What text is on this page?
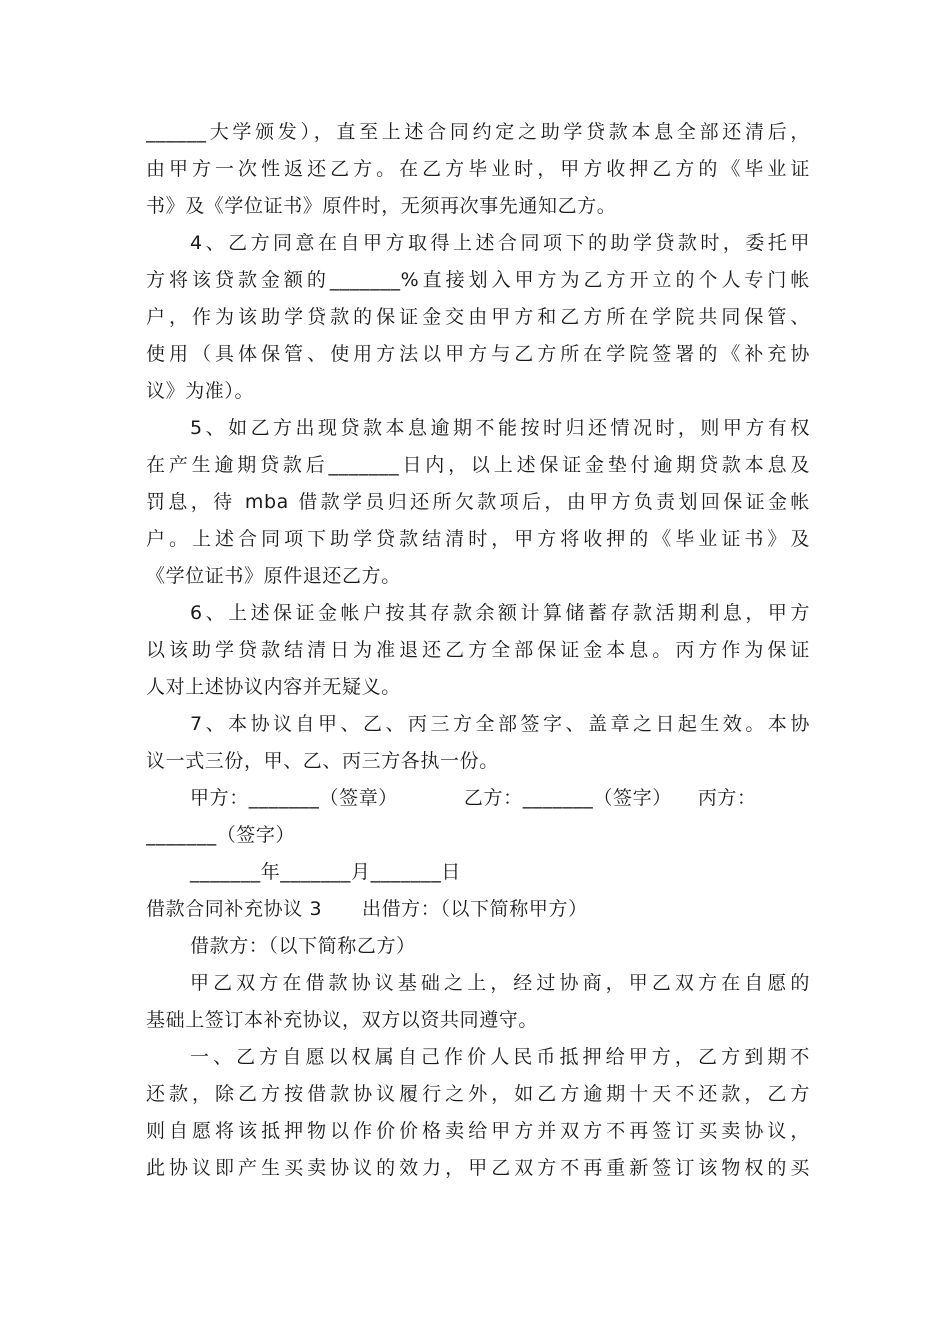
______大学颁发），直至上述合同约定之助学贷款本息全部还清后，
由甲方一次性返还乙方。在乙方毕业时，甲方收押乙方的《毕业证
书》及《学位证书》原件时，无须再次事先通知乙方。
4、乙方同意在自甲方取得上述合同项下的助学贷款时，委托甲
方将该贷款金额的_______%直接划入甲方为乙方开立的个人专门帐
户，作为该助学贷款的保证金交由甲方和乙方所在学院共同保管、
使用（具体保管、使用方法以甲方与乙方所在学院签署的《补充协
议》为准）。
5、如乙方出现贷款本息逾期不能按时归还情况时，则甲方有权
在产生逾期贷款后_______日内，以上述保证金垫付逾期贷款本息及
罚息，待 mba 借款学员归还所欠款项后，由甲方负责划回保证金帐
户。上述合同项下助学贷款结清时，甲方将收押的《毕业证书》及
《学位证书》原件退还乙方。
6、上述保证金帐户按其存款余额计算储蓄存款活期利息，甲方
以该助学贷款结清日为准退还乙方全部保证金本息。丙方作为保证
人对上述协议内容并无疑义。
7、本协议自甲、乙、丙三方全部签字、盖章之日起生效。本协
议一式三份，甲、乙、丙三方各执一份。
甲方：_______（签章）	乙方：_______（签字） 丙方：
_______（签字）
_______年_______月_______日
借款合同补充协议 3      出借方：（以下简称甲方）
借款方：（以下简称乙方）
甲乙双方在借款协议基础之上，经过协商，甲乙双方在自愿的
基础上签订本补充协议，双方以资共同遵守。
一、乙方自愿以权属自己作价人民币抵押给甲方，乙方到期不
还款，除乙方按借款协议履行之外，如乙方逾期十天不还款，乙方
则自愿将该抵押物以作价价格卖给甲方并双方不再签订买卖协议，
此协议即产生买卖协议的效力，甲乙双方不再重新签订该物权的买
